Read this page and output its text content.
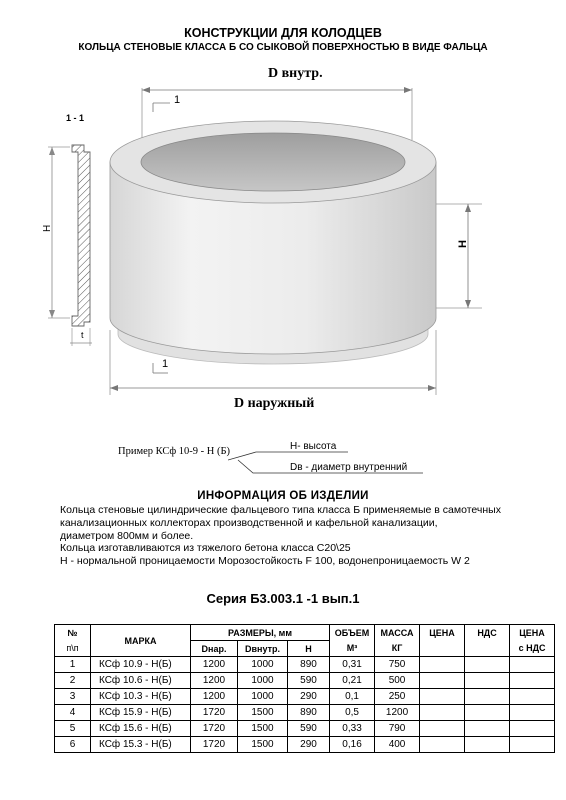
КОНСТРУКЦИИ ДЛЯ КОЛОДЦЕВ
КОЛЬЦА СТЕНОВЫЕ КЛАССА Б СО СЫКОВОЙ ПОВЕРХНОСТЬЮ В ВИДЕ ФАЛЬЦА
D внутр.
1
H
1
D наружный
1 - 1
H
t
Пример КСф 10-9 - Н (Б)	Н- высота
Dв - диаметр внутренний
ИНФОРМАЦИЯ ОБ ИЗДЕЛИИ
Кольца стеновые цилиндрические фальцевого типа класса Б применяемые в самотечных
канализационных коллекторах производственной и кафельной канализации,
диаметром 800мм и более.
Кольца изготавливаются из тяжелого бетона класса С20\25
Н - нормальной проницаемости Морозостойкость F 100, водонепроницаемость W 2
Серия Б3.003.1 -1 вып.1
№	МАРКА	РАЗМЕРЫ, мм			ОБЪЕМ	МАССА	ЦЕНА	НДС	ЦЕНА
п\п		Dнар.	Dвнутр.	H	М³	КГ			с НДС
1	КСф 10.9 - Н(Б)	1200	1000	890	0,31	750			
2	КСф 10.6 - Н(Б)	1200	1000	590	0,21	500			
3	КСф 10.3 - Н(Б)	1200	1000	290	0,1	250			
4	КСф 15.9 - Н(Б)	1720	1500	890	0,5	1200			
5	КСф 15.6 - Н(Б)	1720	1500	590	0,33	790			
6	КСф 15.3 - Н(Б)	1720	1500	290	0,16	400			
